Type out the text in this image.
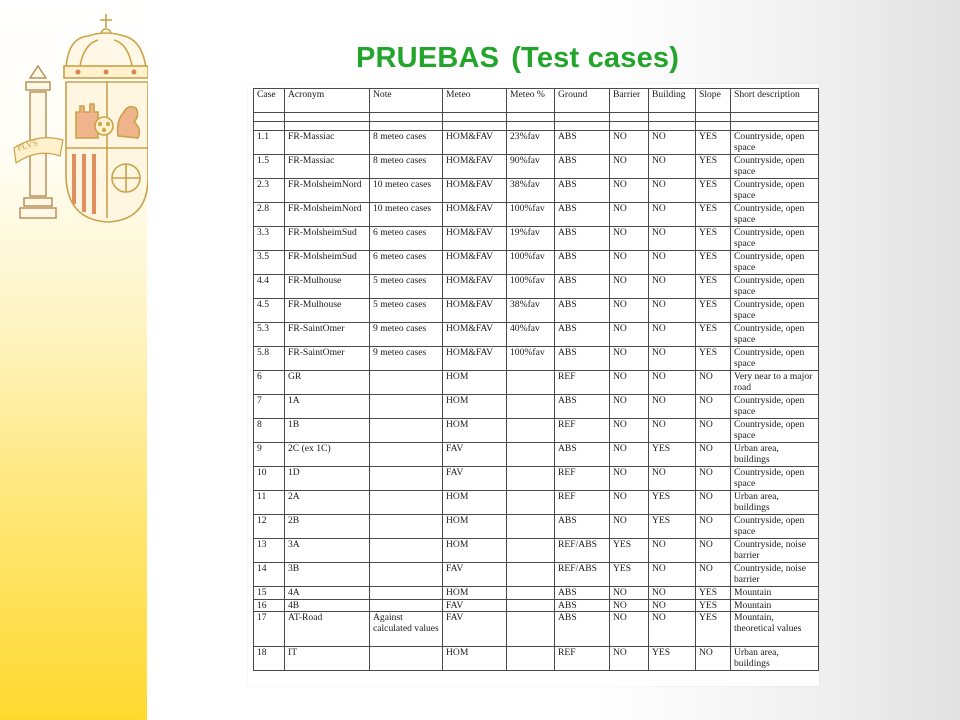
PLVS
PRUEBAS (Test cases)
Case	Acronym	Note	Meteo	Meteo %	Ground	Barrier	Building	Slope	Short description

1.1	FR-Massiac	8 meteo cases	HOM&FAV	23%fav	ABS	NO	NO	YES	Countryside, open space
1.5	FR-Massiac	8 meteo cases	HOM&FAV	90%fav	ABS	NO	NO	YES	Countryside, open space
2.3	FR-MolsheimNord	10 meteo cases	HOM&FAV	38%fav	ABS	NO	NO	YES	Countryside, open space
2.8	FR-MolsheimNord	10 meteo cases	HOM&FAV	100%fav	ABS	NO	NO	YES	Countryside, open space
3.3	FR-MolsheimSud	6 meteo cases	HOM&FAV	19%fav	ABS	NO	NO	YES	Countryside, open space
3.5	FR-MolsheimSud	6 meteo cases	HOM&FAV	100%fav	ABS	NO	NO	YES	Countryside, open space
4.4	FR-Mulhouse	5 meteo cases	HOM&FAV	100%fav	ABS	NO	NO	YES	Countryside, open space
4.5	FR-Mulhouse	5 meteo cases	HOM&FAV	38%fav	ABS	NO	NO	YES	Countryside, open space
5.3	FR-SaintOmer	9 meteo cases	HOM&FAV	40%fav	ABS	NO	NO	YES	Countryside, open space
5.8	FR-SaintOmer	9 meteo cases	HOM&FAV	100%fav	ABS	NO	NO	YES	Countryside, open space
6	GR		HOM		REF	NO	NO	NO	Very near to a major road
7	1A		HOM		ABS	NO	NO	NO	Countryside, open space
8	1B		HOM		REF	NO	NO	NO	Countryside, open space
9	2C (ex 1C)		FAV		ABS	NO	YES	NO	Urban area, buildings
10	1D		FAV		REF	NO	NO	NO	Countryside, open space
11	2A		HOM		REF	NO	YES	NO	Urban area, buildings
12	2B		HOM		ABS	NO	YES	NO	Countryside, open space
13	3A		HOM		REF/ABS	YES	NO	NO	Countryside, noise barrier
14	3B		FAV		REF/ABS	YES	NO	NO	Countryside, noise barrier
15	4A		HOM		ABS	NO	NO	YES	Mountain
16	4B		FAV		ABS	NO	NO	YES	Mountain
17	AT-Road	Against calculated values	FAV		ABS	NO	NO	YES	Mountain, theoretical values
18	IT		HOM		REF	NO	YES	NO	Urban area, buildings
